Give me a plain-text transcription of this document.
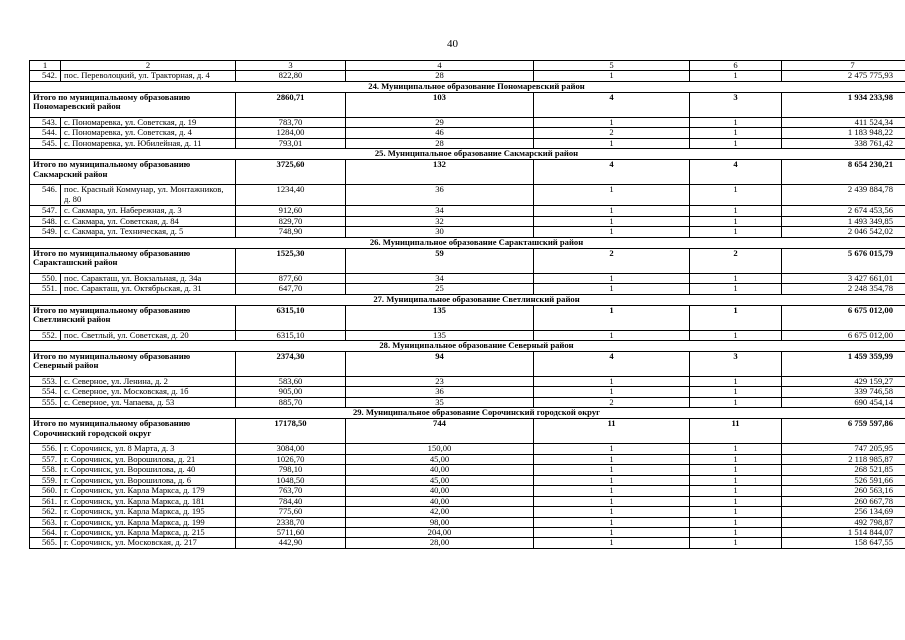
40
1	2	3	4	5	6	7
542.	пос. Переволоцкий, ул. Тракторная, д. 4	822,80	28	1	1	2 475 775,93
24. Муниципальное образование Пономаревский район						
Итого по муниципальному образованию Пономаревский район		2860,71	103	4	3	1 934 233,98
543.	с. Пономаревка, ул. Советская, д. 19	783,70	29	1	1	411 524,34
544.	с. Пономаревка, ул. Советская, д. 4	1284,00	46	2	1	1 183 948,22
545.	с. Пономаревка, ул. Юбилейная, д. 11	793,01	28	1	1	338 761,42
25. Муниципальное образование Сакмарский район						
Итого по муниципальному образованию Сакмарский район		3725,60	132	4	4	8 654 230,21
546.	пос. Красный Коммунар, ул. Монтажников, д. 80	1234,40	36	1	1	2 439 884,78
547.	с. Сакмара, ул. Набережная, д. 3	912,60	34	1	1	2 674 453,56
548.	с. Сакмара, ул. Советская, д. 84	829,70	32	1	1	1 493 349,85
549.	с. Сакмара, ул. Техническая, д. 5	748,90	30	1	1	2 046 542,02
26. Муниципальное образование Саракташский район						
Итого по муниципальному образованию Саракташский район		1525,30	59	2	2	5 676 015,79
550.	пос. Саракташ, ул. Вокзальная, д. 34а	877,60	34	1	1	3 427 661,01
551.	пос. Саракташ, ул. Октябрьская, д. 31	647,70	25	1	1	2 248 354,78
27. Муниципальное образование Светлинский район						
Итого по муниципальному образованию Светлинский район		6315,10	135	1	1	6 675 012,00
552.	пос. Светлый, ул. Советская, д. 20	6315,10	135	1	1	6 675 012,00
28. Муниципальное образование Северный район						
Итого по муниципальному образованию Северный район		2374,30	94	4	3	1 459 359,99
553.	с. Северное, ул. Ленина, д. 2	583,60	23	1	1	429 159,27
554.	с. Северное, ул. Московская, д. 1б	905,00	36	1	1	339 746,58
555.	с. Северное, ул. Чапаева, д. 53	885,70	35	2	1	690 454,14
29. Муниципальное образование Сорочинский городской округ						
Итого по муниципальному образованию Сорочинский городской округ		17178,50	744	11	11	6 759 597,86
556.	г. Сорочинск, ул. 8 Марта, д. 3	3084,00	150,00	1	1	747 205,95
557.	г. Сорочинск, ул. Ворошилова, д. 21	1026,70	45,00	1	1	2 118 985,87
558.	г. Сорочинск, ул. Ворошилова, д. 40	798,10	40,00	1	1	268 521,85
559.	г. Сорочинск, ул. Ворошилова, д. 6	1048,50	45,00	1	1	526 591,66
560.	г. Сорочинск, ул. Карла Маркса, д. 179	763,70	40,00	1	1	260 563,16
561.	г. Сорочинск, ул. Карла Маркса, д. 181	784,40	40,00	1	1	260 667,78
562.	г. Сорочинск, ул. Карла Маркса, д. 195	775,60	42,00	1	1	256 134,69
563.	г. Сорочинск, ул. Карла Маркса, д. 199	2338,70	98,00	1	1	492 798,87
564.	г. Сорочинск, ул. Карла Маркса, д. 215	5711,60	204,00	1	1	1 514 844,07
565.	г. Сорочинск, ул. Московская, д. 217	442,90	28,00	1	1	158 647,55
